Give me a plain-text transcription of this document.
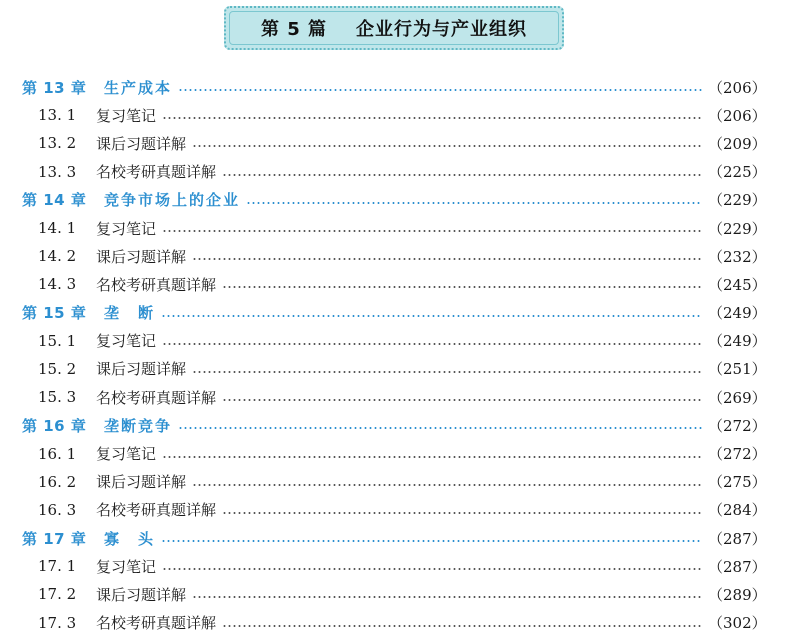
第 5 篇    企业行为与产业组织
第 13 章	生产成本	（206）
13. 1	复习笔记	（206）
13. 2	课后习题详解	（209）
13. 3	名校考研真题详解	（225）
第 14 章	竞争市场上的企业	（229）
14. 1	复习笔记	（229）
14. 2	课后习题详解	（232）
14. 3	名校考研真题详解	（245）
第 15 章	垄　断	（249）
15. 1	复习笔记	（249）
15. 2	课后习题详解	（251）
15. 3	名校考研真题详解	（269）
第 16 章	垄断竞争	（272）
16. 1	复习笔记	（272）
16. 2	课后习题详解	（275）
16. 3	名校考研真题详解	（284）
第 17 章	寡　头	（287）
17. 1	复习笔记	（287）
17. 2	课后习题详解	（289）
17. 3	名校考研真题详解	（302）
